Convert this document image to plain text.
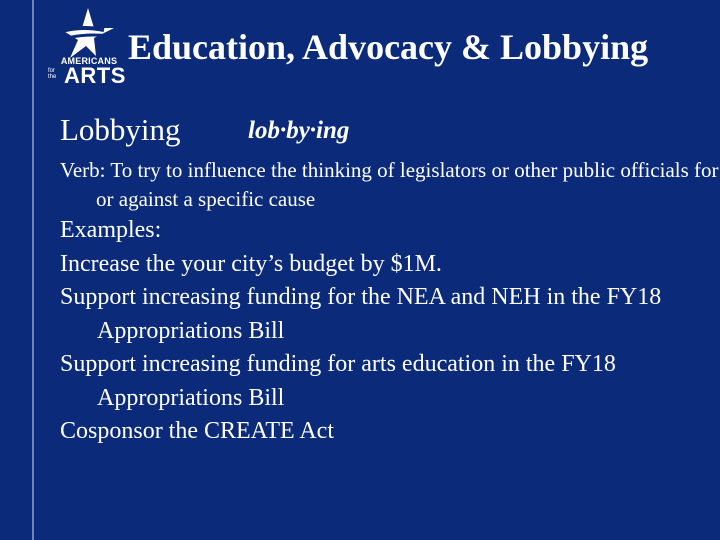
AMERICANS
for
the ARTS
Education, Advocacy & Lobbying
Lobbying	lob·by·ing
Verb: To try to influence the thinking of legislators or other public officials for or against a specific cause
Examples:
Increase the your city’s budget by $1M.
Support increasing funding for the NEA and NEH in the FY18 Appropriations Bill
Support increasing funding for arts education in the FY18 Appropriations Bill
Cosponsor the CREATE Act
